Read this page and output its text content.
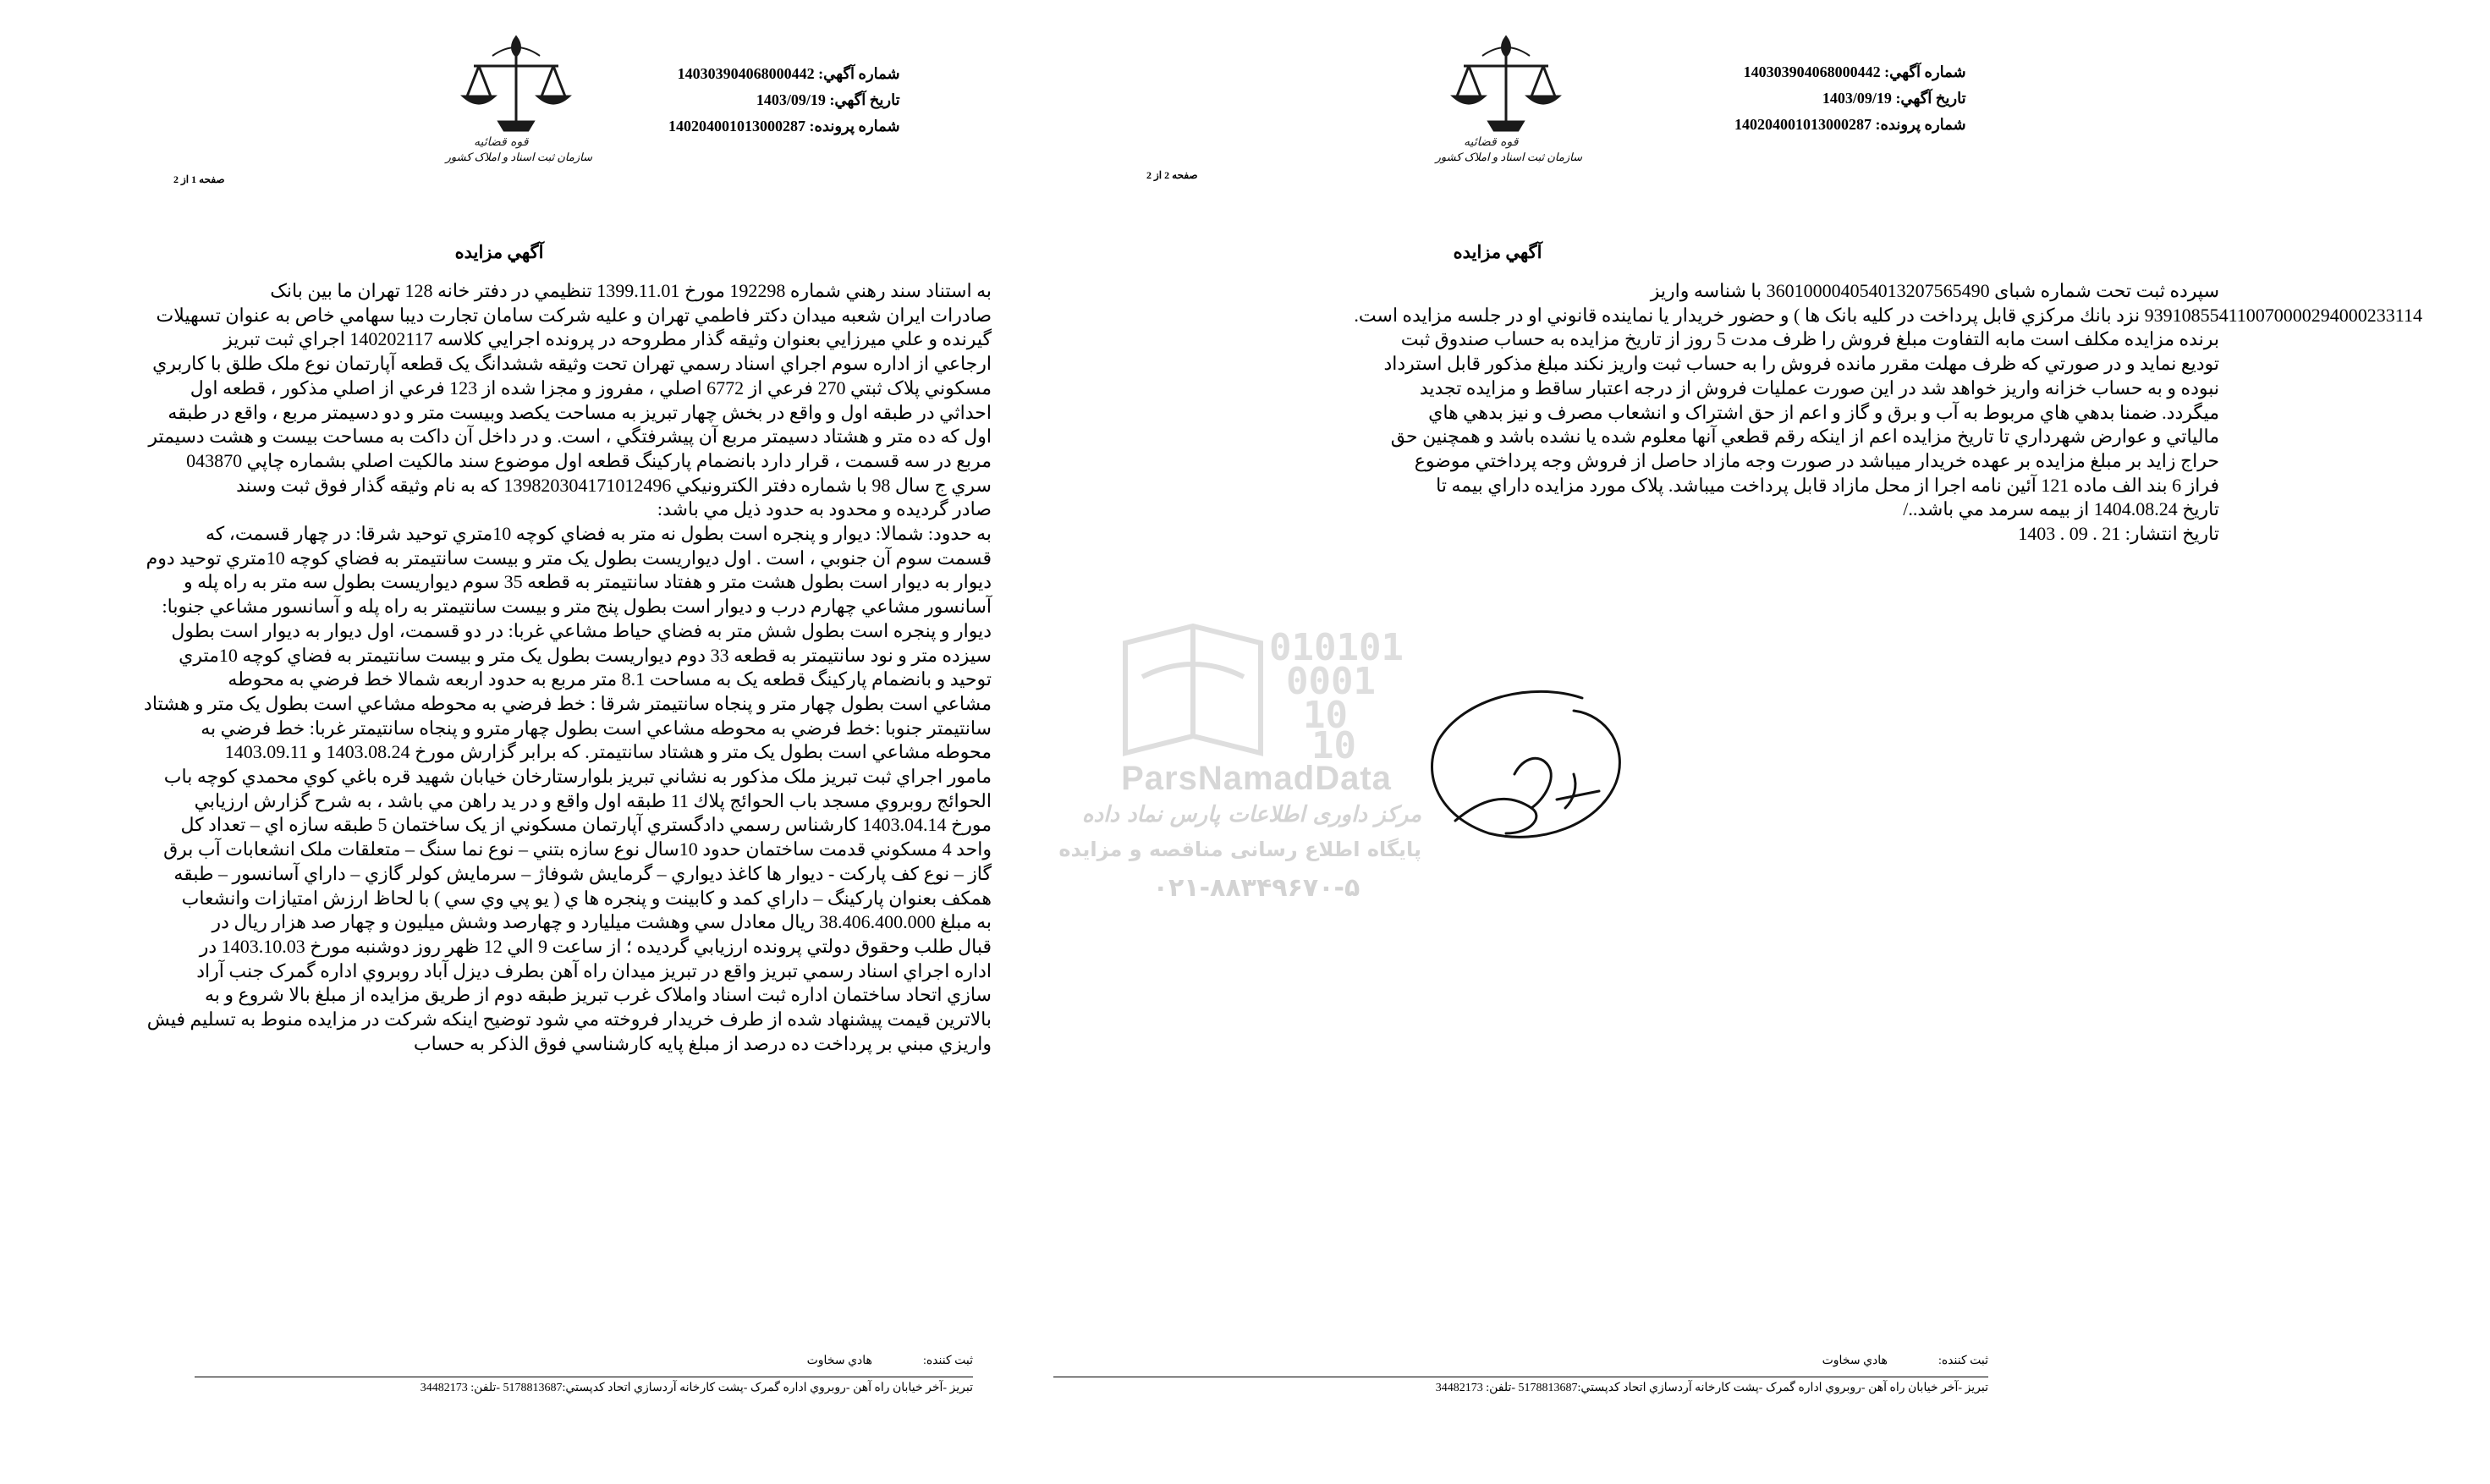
شماره آگهي: 140303904068000442
تاريخ آگهي: 1403/09/19
شماره پرونده: 140204001013000287
قوه قضائیه
سازمان ثبت اسناد و املاک کشور
صفحه 1 از 2
آگهي مزايده
به استناد سند رهني شماره 192298 مورخ 1399.11.01 تنظيمي در دفتر خانه 128 تهران ما بين بانک
صادرات ايران شعبه ميدان دكتر فاطمي تهران و عليه شرکت سامان تجارت ديبا سهامي خاص به عنوان تسهيلات
گيرنده و علي ميرزايي بعنوان وثيقه گذار مطروحه در پرونده اجرايي کلاسه 140202117 اجراي ثبت تبريز
ارجاعي از اداره سوم اجراي اسناد رسمي تهران تحت وثيقه ششدانگ يک قطعه آپارتمان نوع ملک طلق با کاربري
مسکوني پلاک ثبتي 270 فرعي از 6772 اصلي ، مفروز و مجزا شده از 123 فرعي از اصلي مذکور ، قطعه اول
احداثي در طبقه اول و واقع در بخش چهار تبريز به مساحت يکصد وبيست متر و دو دسيمتر مربع ، واقع در طبقه
اول که ده متر و هشتاد دسيمتر مربع آن پيشرفتگي ، است. و در داخل آن داکت به مساحت بيست و هشت دسيمتر
مربع در سه قسمت ، قرار دارد بانضمام پارکينگ قطعه اول موضوع سند مالكيت اصلي بشماره چاپي 043870
سري ج سال 98 با شماره دفتر الکترونيکي 139820304171012496 که به نام وثيقه گذار فوق ثبت وسند
صادر گرديده و محدود به حدود ذيل مي باشد:
به حدود: شمالا: ديوار و پنجره است بطول نه متر به فضاي كوچه 10متري توحيد شرقا: در چهار قسمت، كه
قسمت سوم آن جنوبي ، است . اول ديواريست بطول يک متر و بيست سانتيمتر به فضاي كوچه 10متري توحيد دوم
ديوار به ديوار است بطول هشت متر و هفتاد سانتيمتر به قطعه 35 سوم ديواريست بطول سه متر به راه پله و
آسانسور مشاعي چهارم درب و ديوار است بطول پنج متر و بيست سانتيمتر به راه پله و آسانسور مشاعي جنوبا:
ديوار و پنجره است بطول شش متر به فضاي حياط مشاعي غربا: در دو قسمت، اول ديوار به ديوار است بطول
سيزده متر و نود سانتيمتر به قطعه 33 دوم ديواريست بطول يک متر و بيست سانتيمتر به فضاي كوچه 10متري
توحيد و بانضمام پارکينگ قطعه يک به مساحت 8.1 متر مربع به حدود اربعه شمالا خط فرضي به محوطه
مشاعي است بطول چهار متر و پنجاه سانتيمتر شرقا : خط فرضي به محوطه مشاعي است بطول يک متر و هشتاد
سانتيمتر جنوبا :خط فرضي به محوطه مشاعي است بطول چهار مترو و پنجاه سانتيمتر غربا: خط فرضي به
محوطه مشاعي است بطول يک متر و هشتاد سانتيمتر. که برابر گزارش مورخ 1403.08.24 و 1403.09.11
مامور اجراي ثبت تبريز ملک مذکور به نشاني تبريز بلوارستارخان خيابان شهيد قره باغي كوي محمدي كوچه باب
الحوائج روبروي مسجد باب الحوائج پلاك 11 طبقه اول واقع و در يد راهن مي باشد ، به شرح گزارش ارزيابي
مورخ 1403.04.14 كارشناس رسمي دادگستري آپارتمان مسكوني از يک ساختمان 5 طبقه سازه اي – تعداد کل
واحد 4 مسکوني قدمت ساختمان حدود 10سال نوع سازه بتني – نوع نما سنگ – متعلقات ملک انشعابات آب برق
گاز – نوع کف پارکت - ديوار ها کاغذ ديواري – گرمايش شوفاژ – سرمايش کولر گازي – داراي آسانسور – طبقه
همكف بعنوان پاركينگ – داراي کمد و کابينت و پنجره ها ي ( يو پي وي سي ) با لحاظ ارزش امتيازات وانشعاب
به مبلغ 38.406.400.000 ريال معادل سي وهشت ميليارد و چهارصد وشش ميليون و چهار صد هزار ريال در
قبال طلب وحقوق دولتي پرونده ارزيابي گرديده ؛ از ساعت 9 الي 12 ظهر روز دوشنبه مورخ 1403.10.03 در
اداره اجراي اسناد رسمي تبريز واقع در تبريز ميدان راه آهن بطرف ديزل آباد روبروي اداره گمرک جنب آراد
سازي اتحاد ساختمان اداره ثبت اسناد واملاک غرب تبريز طبقه دوم از طريق مزايده از مبلغ بالا شروع و به
بالاترين قيمت پيشنهاد شده از طرف خريدار فروخته مي شود توضيح اينکه شرکت در مزايده منوط به تسليم فيش
واريزي مبني بر پرداخت ده درصد از مبلغ پايه کارشناسي فوق الذکر به حساب
ثبت كننده:
هادي سخاوت
تبريز -آخر خيابان راه آهن -روبروي اداره گمرک -پشت كارخانه آردسازي اتحاد كدپستي:5178813687 -تلفن: 34482173
شماره آگهي: 140303904068000442
تاريخ آگهي: 1403/09/19
شماره پرونده: 140204001013000287
قوه قضائیه
سازمان ثبت اسناد و املاک کشور
صفحه 2 از 2
آگهي مزايده
سپرده ثبت تحت شماره شبای 360100004054013207565490 با شناسه واریز
939108554110070000294000233114 نزد بانك مركزي قابل پرداخت در کليه بانک ها ) و حضور خريدار يا نماينده قانوني او در جلسه مزايده است.
برنده مزايده مکلف است مابه التفاوت مبلغ فروش را ظرف مدت 5 روز از تاريخ مزايده به حساب صندوق ثبت
توديع نمايد و در صورتي که ظرف مهلت مقرر مانده فروش را به حساب ثبت واريز نکند مبلغ مذکور قابل استرداد
نبوده و به حساب خزانه واريز خواهد شد در اين صورت عمليات فروش از درجه اعتبار ساقط و مزايده تجديد
ميگردد. ضمنا بدهي هاي مربوط به آب و برق و گاز و اعم از حق اشتراک و انشعاب مصرف و نيز بدهي هاي
مالياتي و عوارض شهرداري تا تاريخ مزايده اعم از اينکه رقم قطعي آنها معلوم شده يا نشده باشد و همچنين حق
حراج زايد بر مبلغ مزايده بر عهده خريدار ميباشد در صورت وجه مازاد حاصل از فروش وجه پرداختي موضوع
فراز 6 بند الف ماده 121 آئين نامه اجرا از محل مازاد قابل پرداخت ميباشد. پلاک مورد مزايده داراي بيمه تا
تاريخ 1404.08.24 از بيمه سرمد مي باشد../
تاريخ انتشار: 21 . 09 . 1403
010101
0001
10
10
ParsNamadData
مرکز داوری اطلاعات پارس نماد داده
پایگاه اطلاع رسانی مناقصه و مزایده
۰۲۱-۸۸۳۴۹۶۷۰-۵
ثبت كننده:
هادي سخاوت
تبريز -آخر خيابان راه آهن -روبروي اداره گمرک -پشت كارخانه آردسازي اتحاد كدپستي:5178813687 -تلفن: 34482173
